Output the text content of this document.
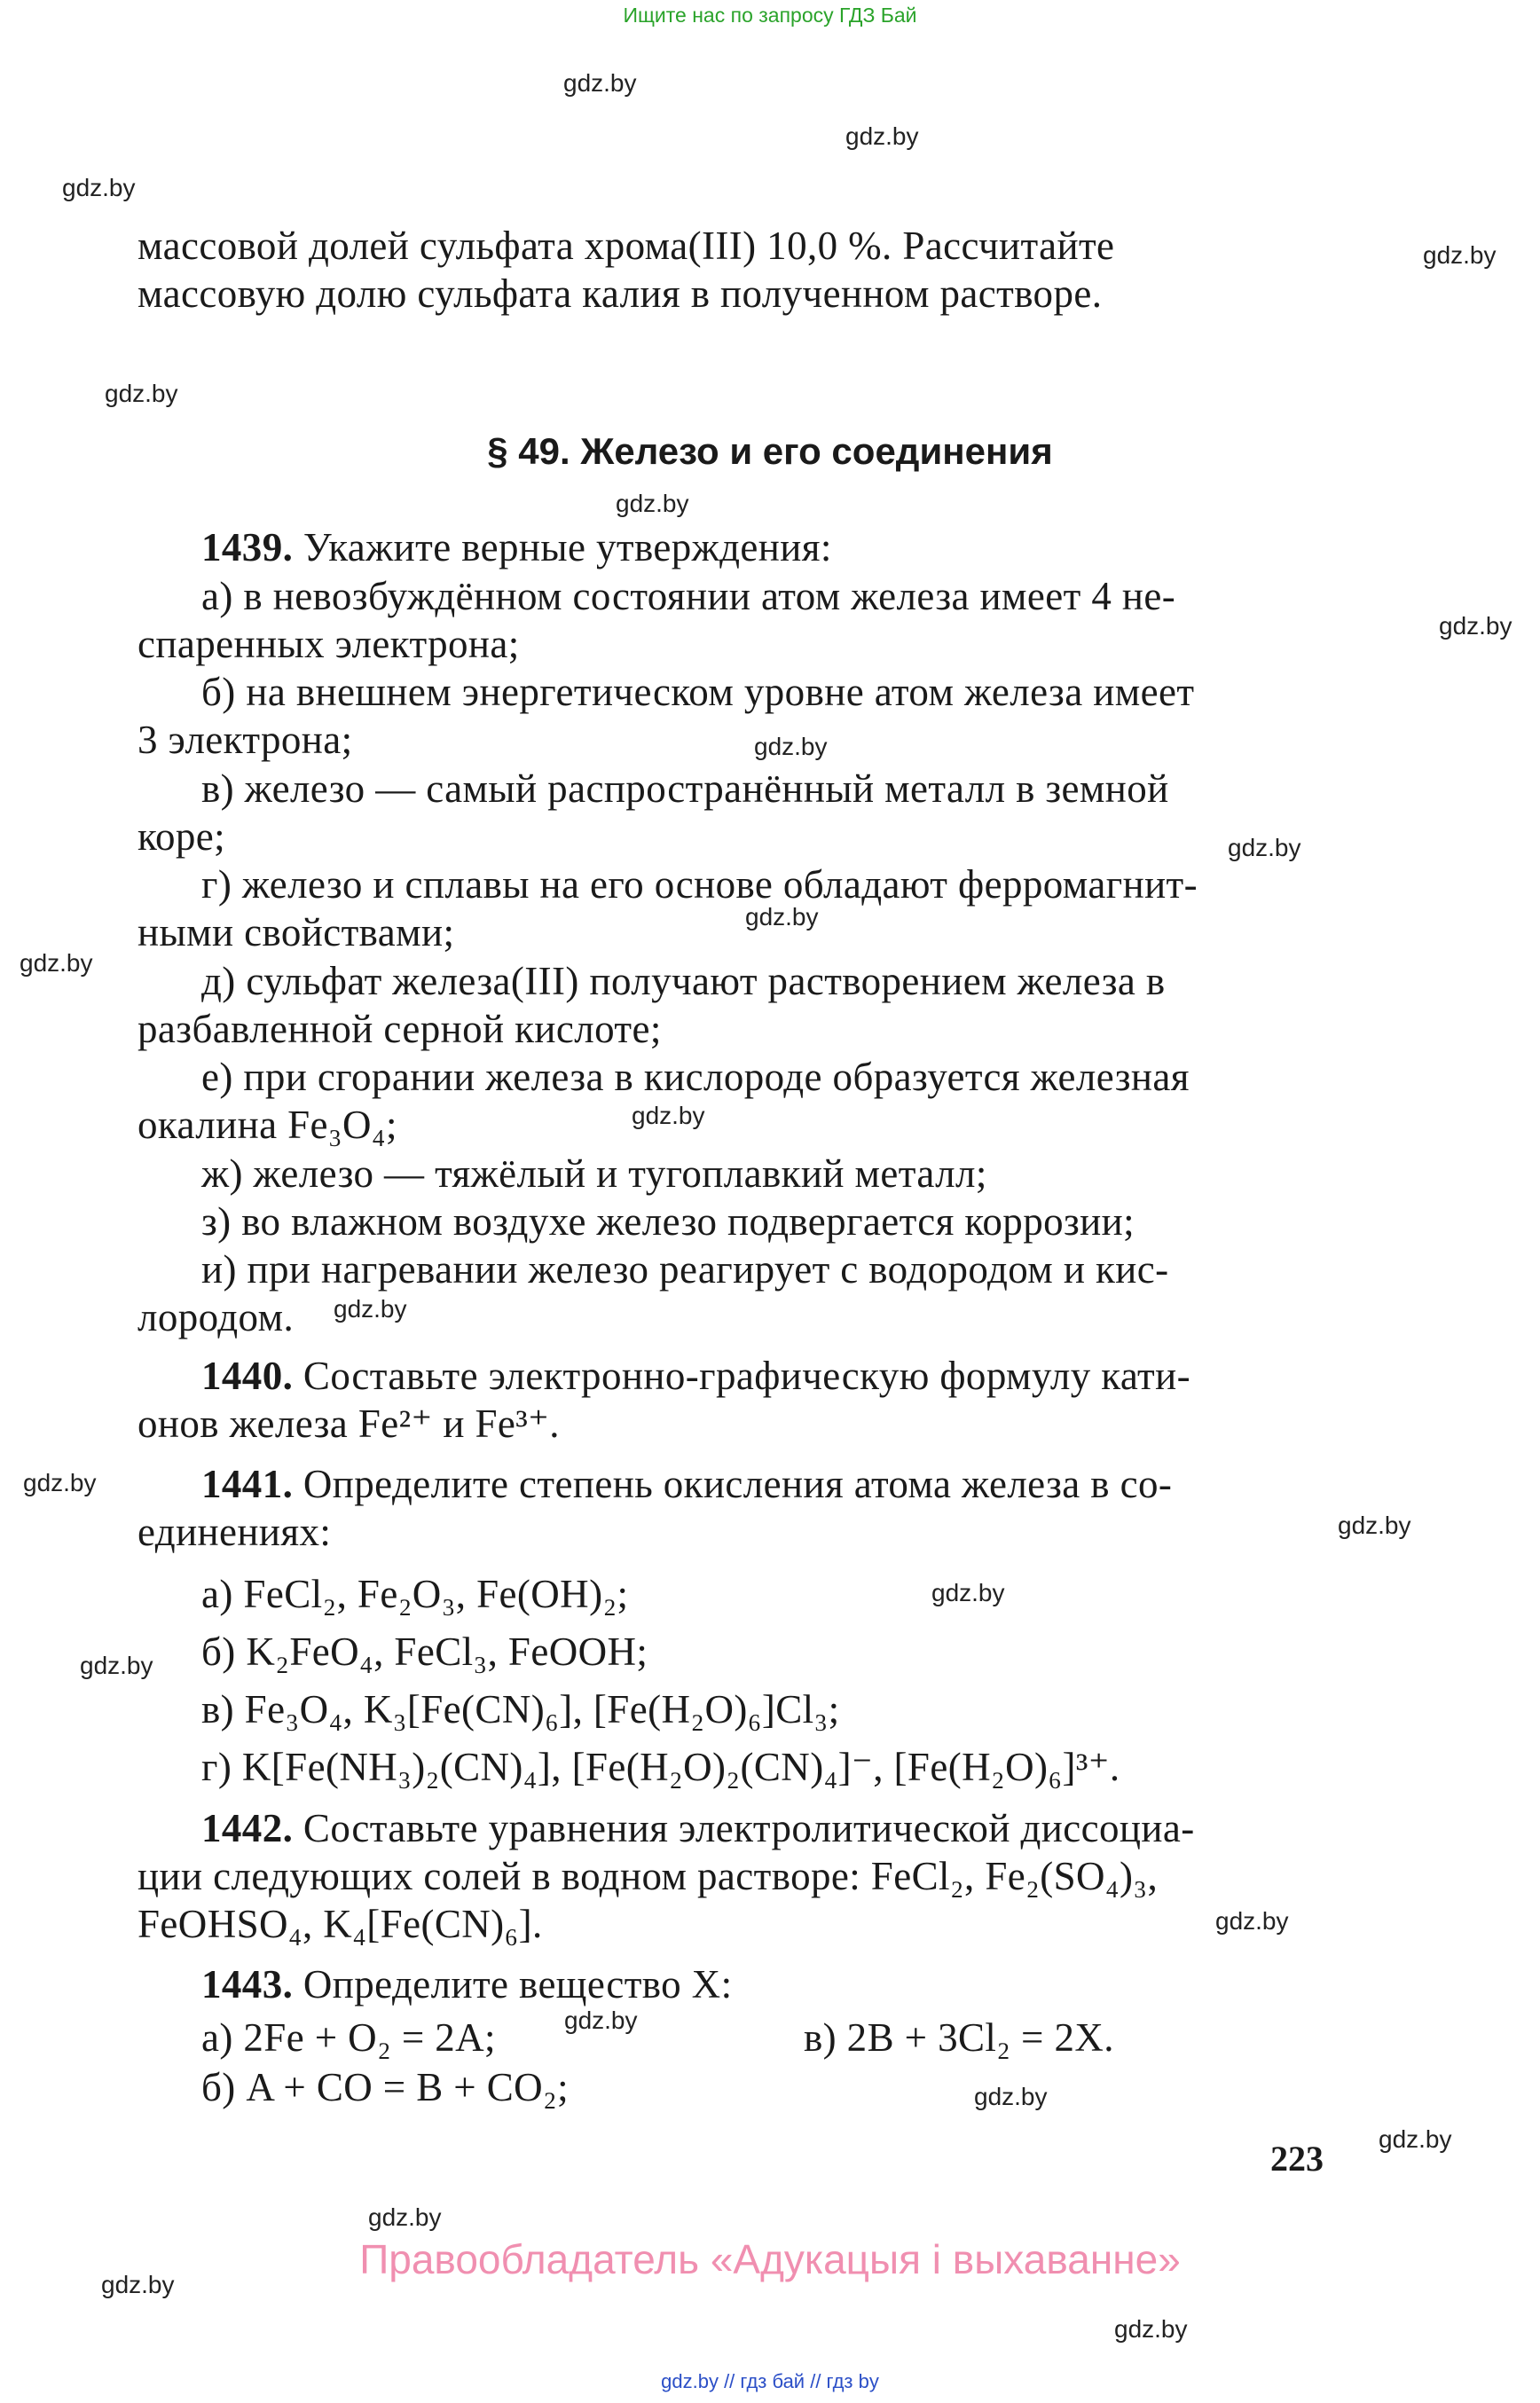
Ищите нас по запросу ГДЗ Бай
gdz.by
gdz.by
gdz.by
gdz.by
gdz.by
gdz.by
gdz.by
gdz.by
gdz.by
gdz.by
gdz.by
gdz.by
gdz.by
gdz.by
gdz.by
gdz.by
gdz.by
gdz.by
gdz.by
gdz.by
gdz.by
gdz.by
gdz.by
gdz.by
массовой долей сульфата хрома(III) 10,0 %. Рассчитайте
массовую долю сульфата калия в полученном растворе.
§ 49. Железо и его соединения
1439. Укажите верные утверждения:
а) в невозбуждённом состоянии атом железа имеет 4 не-
спаренных электрона;
б) на внешнем энергетическом уровне атом железа имеет
3 электрона;
в) железо — самый распространённый металл в земной
коре;
г) железо и сплавы на его основе обладают ферромагнит-
ными свойствами;
д) сульфат железа(III) получают растворением железа в
разбавленной серной кислоте;
е) при сгорании железа в кислороде образуется железная
окалина Fe₃O₄;
ж) железо — тяжёлый и тугоплавкий металл;
з) во влажном воздухе железо подвергается коррозии;
и) при нагревании железо реагирует с водородом и кис-
лородом.
1440. Составьте электронно-графическую формулу кати-
онов железа Fe²⁺ и Fe³⁺.
1441. Определите степень окисления атома железа в со-
единениях:
а) FeCl₂, Fe₂O₃, Fe(OH)₂;
б) K₂FeO₄, FeCl₃, FeOOH;
в) Fe₃O₄, K₃[Fe(CN)₆], [Fe(H₂O)₆]Cl₃;
г) K[Fe(NH₃)₂(CN)₄], [Fe(H₂O)₂(CN)₄]⁻, [Fe(H₂O)₆]³⁺.
1442. Составьте уравнения электролитической диссоциа-
ции следующих солей в водном растворе: FeCl₂, Fe₂(SO₄)₃,
FeOHSO₄, K₄[Fe(CN)₆].
1443. Определите вещество X:
а) 2Fe + O₂ = 2A;	в) 2B + 3Cl₂ = 2X.
б) A + CO = B + CO₂;
223
Правообладатель «Адукацыя і выхаванне»
gdz.by // гдз бай // гдз by
